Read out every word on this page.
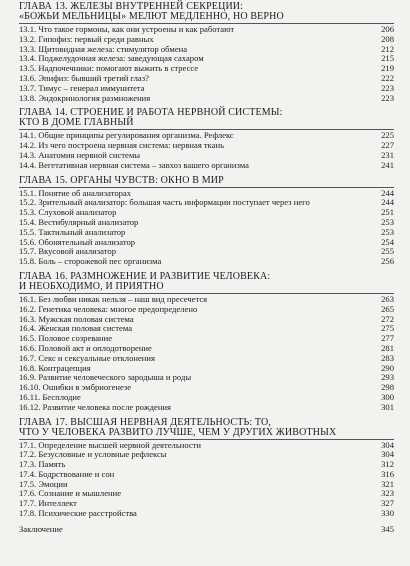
ГЛАВА 13. ЖЕЛЕЗЫ ВНУТРЕННЕЙ СЕКРЕЦИИ:
«БОЖЬИ МЕЛЬНИЦЫ» МЕЛЮТ МЕДЛЕННО, НО ВЕРНО
13.1. Что такое гормоны, как они устроены и как работают	206
13.2. Гипофиз: первый среди равных	208
13.3. Щитовидная железа: стимулятор обмена	212
13.4. Поджелудочная железа: заведующая сахаром	215
13.5. Надпочечники: помогают выжить в стрессе	219
13.6. Эпифиз: бывший третий глаз?	222
13.7. Тимус – генерал иммунитета	223
13.8. Эндокринология размножения	223
ГЛАВА 14. СТРОЕНИЕ И РАБОТА НЕРВНОЙ СИСТЕМЫ:
КТО В ДОМЕ ГЛАВНЫЙ
14.1. Общие принципы регулирования организма. Рефлекс	225
14.2. Из чего построена нервная система: нервная ткань	227
14.3. Анатомия нервной системы	231
14.4. Вегетативная нервная система – завхоз вашего организма	241
ГЛАВА 15. ОРГАНЫ ЧУВСТВ: ОКНО В МИР
15.1. Понятие об анализаторах	244
15.2. Зрительный анализатор: большая часть информации поступает через него	244
15.3. Слуховой анализатор	251
15.4. Вестибулярный анализатор	253
15.5. Тактильный анализатор	253
15.6. Обонятельный анализатор	254
15.7. Вкусовой анализатор	255
15.8. Боль – сторожевой пес организма	256
ГЛАВА 16. РАЗМНОЖЕНИЕ И РАЗВИТИЕ ЧЕЛОВЕКА:
И НЕОБХОДИМО, И ПРИЯТНО
16.1. Без любви никак нельзя – наш вид пресечется	263
16.2. Генетика человека: многое предопределено	265
16.3. Мужская половая система	272
16.4. Женская половая система	275
16.5. Половое созревание	277
16.6. Половой акт и оплодотворение	281
16.7. Секс и сексуальные отклонения	283
16.8. Контрацепция	290
16.9. Развитие человеческого зародыша и роды	293
16.10. Ошибки в эмбриогенезе	298
16.11. Бесплодие	300
16.12. Развитие человека после рождения	301
ГЛАВА 17. ВЫСШАЯ НЕРВНАЯ ДЕЯТЕЛЬНОСТЬ: ТО,
ЧТО У ЧЕЛОВЕКА РАЗВИТО ЛУЧШЕ, ЧЕМ У ДРУГИХ ЖИВОТНЫХ
17.1. Определение высшей нервной деятельности	304
17.2. Безусловные и условные рефлексы	304
17.3. Память	312
17.4. Бодрствование и сон	316
17.5. Эмоции	321
17.6. Сознание и мышление	323
17.7. Интеллект	327
17.8. Психические расстройства	330
Заключение	345
